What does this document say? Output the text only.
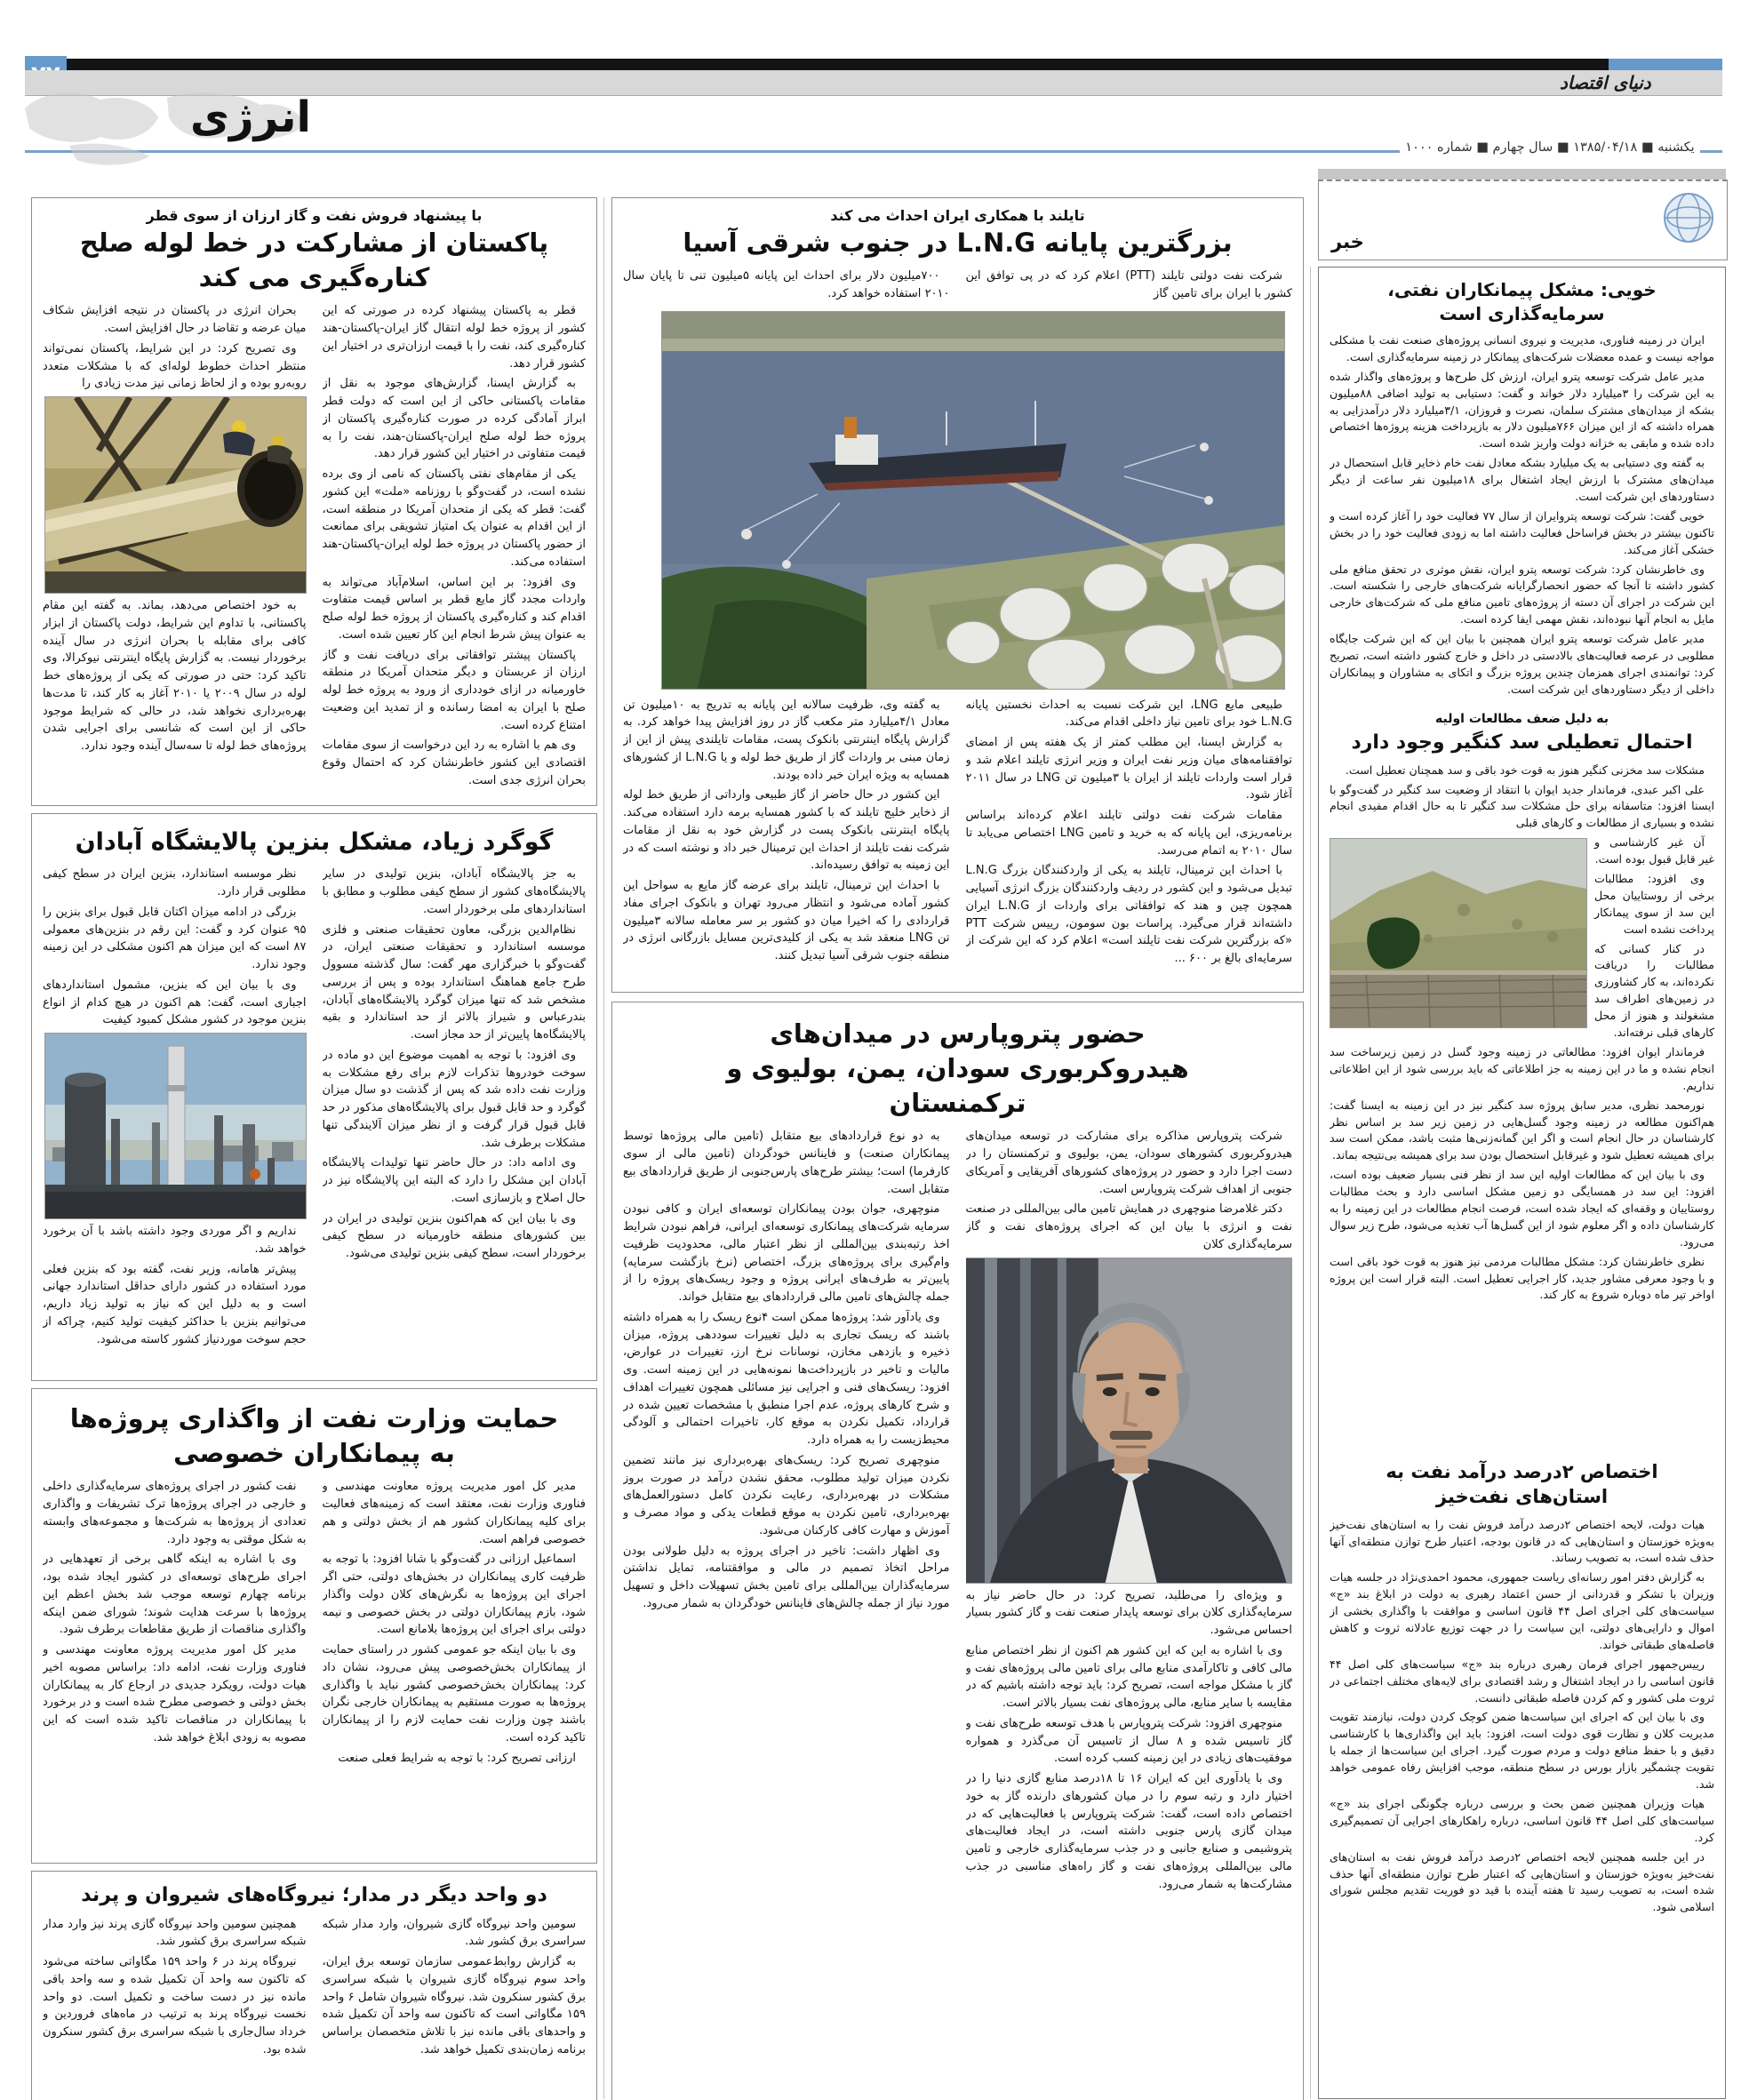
دنیای اقتصاد
انرژی
یکشنبه ■ ۱۳۸۵/۰۴/۱۸ ■ سال چهارم ■ شماره ۱۰۰۰
با پیشنهاد فروش نفت و گاز ارزان از سوی قطر
پاکستان از مشارکت در خط لوله صلح کناره‌گیری می کند

قطر به پاکستان پیشنهاد کرده در صورتی که این کشور از پروژه خط لوله انتقال گاز ایران-پاکستان-هند کناره‌گیری کند، نفت را با قیمت ارزان‌تری در اختیار این کشور قرار دهد.

به گزارش ایسنا، گزارش‌های موجود به نقل از مقامات پاکستانی حاکی از این است که دولت قطر ابراز آمادگی کرده در صورت کناره‌گیری پاکستان از پروژه خط لوله صلح ایران-پاکستان-هند، نفت را به قیمت متفاوتی در اختیار این کشور قرار دهد.

یکی از مقام‌های نفتی پاکستان که نامی از وی برده نشده است، در گفت‌وگو با روزنامه «ملت» این کشور گفت: قطر که یکی از متحدان آمریکا در منطقه است، از این اقدام به عنوان یک امتیاز تشویقی برای ممانعت از حضور پاکستان در پروژه خط لوله ایران-پاکستان-هند استفاده می‌کند.

وی افزود: بر این اساس، اسلام‌آباد می‌تواند به واردات مجدد گاز مایع قطر بر اساس قیمت متفاوت اقدام کند و کناره‌گیری پاکستان از پروژه خط لوله صلح به عنوان پیش شرط انجام این کار تعیین شده است.

پاکستان پیشتر توافقاتی برای دریافت نفت و گاز ارزان از عربستان و دیگر متحدان آمریکا در منطقه خاورمیانه در ازای خودداری از ورود به پروژه خط لوله صلح با ایران به امضا رسانده و از تمدید این وضعیت امتناع کرده است.

وی هم با اشاره به رد این درخواست از سوی مقامات اقتصادی این کشور خاطرنشان کرد که احتمال وقوع بحران انرژی جدی است.

بحران انرژی در پاکستان در نتیجه افزایش شکاف میان عرضه و تقاضا در حال افزایش است.

وی تصریح کرد: در این شرایط، پاکستان نمی‌تواند منتظر احداث خطوط لوله‌ای که با مشکلات متعدد روبه‌رو بوده و از لحاظ زمانی نیز مدت زیادی را

به خود اختصاص می‌دهد، بماند. به گفته این مقام پاکستانی، با تداوم این شرایط، دولت پاکستان از ابزار کافی برای مقابله با بحران انرژی در سال آینده برخوردار نیست. به گزارش پایگاه اینترنتی نیوکرالا، وی تاکید کرد: حتی در صورتی که یکی از پروژه‌های خط لوله در سال ۲۰۰۹ یا ۲۰۱۰ آغاز به کار کند، تا مدت‌ها بهره‌برداری نخواهد شد، در حالی که شرایط موجود حاکی از این است که شانسی برای اجرایی شدن پروژه‌های خط لوله تا سه‌سال آینده وجود ندارد.

گوگرد زیاد، مشکل بنزین پالایشگاه آبادان

به جز پالایشگاه آبادان، بنزین تولیدی در سایر پالایشگاه‌های کشور از سطح کیفی مطلوب و مطابق با استانداردهای ملی برخوردار است.

نظام‌الدین بزرگی، معاون تحقیقات صنعتی و فلزی موسسه استاندارد و تحقیقات صنعتی ایران، در گفت‌وگو با خبرگزاری مهر گفت: سال گذشته مسوول طرح جامع هماهنگ استاندارد بوده و پس از بررسی مشخص شد که تنها میزان گوگرد پالایشگاه‌های آبادان، بندرعباس و شیراز بالاتر از حد استاندارد و بقیه پالایشگاه‌ها پایین‌تر از حد مجاز است.

وی افزود: با توجه به اهمیت موضوع این دو ماده در سوخت خودروها تذکرات لازم برای رفع مشکلات به وزارت نفت داده شد که پس از گذشت دو سال میزان گوگرد و حد قابل قبول برای پالایشگاه‌های مذکور در حد قابل قبول قرار گرفت و از نظر میزان آلایندگی تنها مشکلات برطرف شد.

وی ادامه داد: در حال حاضر تنها تولیدات پالایشگاه آبادان این مشکل را دارد که البته این پالایشگاه نیز در حال اصلاح و بازسازی است.

وی با بیان این که هم‌اکنون بنزین تولیدی در ایران در بین کشورهای منطقه خاورمیانه در سطح کیفی برخوردار است، سطح کیفی بنزین تولیدی می‌شود.

نظر موسسه استاندارد، بنزین ایران در سطح کیفی مطلوبی قرار دارد.

بزرگی در ادامه میزان اکتان قابل قبول برای بنزین را ۹۵ عنوان کرد و گفت: این رقم در بنزین‌های معمولی ۸۷ است که این میزان هم اکنون مشکلی در این زمینه وجود ندارد.

وی با بیان این که بنزین، مشمول استانداردهای اجباری است، گفت: هم اکنون در هیچ کدام از انواع بنزین موجود در کشور مشکل کمبود کیفیت

نداریم و اگر موردی وجود داشته باشد با آن برخورد خواهد شد.

پیش‌تر هامانه، وزیر نفت، گفته بود که بنزین فعلی مورد استفاده در کشور دارای حداقل استاندارد جهانی است و به دلیل این که نیاز به تولید زیاد داریم، می‌توانیم بنزین با حداکثر کیفیت تولید کنیم، چراکه از حجم سوخت موردنیاز کشور کاسته می‌شود.

حمایت وزارت نفت از واگذاری پروژه‌ها به پیمانکاران خصوصی

مدیر کل امور مدیریت پروژه معاونت مهندسی و فناوری وزارت نفت، معتقد است که زمینه‌های فعالیت برای کلیه پیمانکاران کشور هم از بخش دولتی و هم خصوصی فراهم است.

اسماعیل ارزانی در گفت‌وگو با شانا افزود: با توجه به ظرفیت کاری پیمانکاران در بخش‌های دولتی، حتی اگر اجرای این پروژه‌ها به نگرش‌های کلان دولت واگذار شود، بازم پیمانکاران دولتی در بخش خصوصی و نیمه دولتی برای اجرای این پروژه‌ها بلامانع است.

وی با بیان اینکه جو عمومی کشور در راستای حمایت از پیمانکاران بخش‌خصوصی پیش می‌رود، نشان داد کرد: پیمانکاران بخش‌خصوصی کشور نباید با واگذاری پروژه‌ها به صورت مستقیم به پیمانکاران خارجی نگران باشند چون وزارت نفت حمایت لازم را از پیمانکاران تاکید کرده است.

ارزانی تصریح کرد: با توجه به شرایط فعلی صنعت

نفت کشور در اجرای پروژه‌های سرمایه‌گذاری داخلی و خارجی در اجرای پروژه‌ها ترک تشریفات و واگذاری تعدادی از پروژه‌ها به شرکت‌ها و مجموعه‌های وابسته به شکل موقتی به وجود دارد.

وی با اشاره به اینکه گاهی برخی از تعهدهایی در اجرای طرح‌های توسعه‌ای در کشور ایجاد شده بود، برنامه چهارم توسعه موجب شد بخش اعظم این پروژه‌ها با سرعت هدایت شوند؛ شورای ضمن اینکه واگذاری مناقصات از طریق مقاطعات برطرف شود.

مدیر کل امور مدیریت پروژه معاونت مهندسی و فناوری وزارت نفت، ادامه داد: براساس مصوبه اخیر هیات دولت، رویکرد جدیدی در ارجاع کار به پیمانکاران بخش دولتی و خصوصی مطرح شده است و در برخورد با پیمانکاران در مناقصات تاکید شده است که این مصوبه به زودی ابلاغ خواهد شد.

دو واحد دیگر در مدار؛ نیروگاه‌های شیروان و پرند

سومین واحد نیروگاه گازی شیروان، وارد مدار شبکه سراسری برق کشور شد.

به گزارش روابط‌عمومی سازمان توسعه برق ایران، واحد سوم نیروگاه گازی شیروان با شبکه سراسری برق کشور سنکرون شد. نیروگاه شیروان شامل ۶ واحد ۱۵۹ مگاواتی است که تاکنون سه واحد آن تکمیل شده و واحدهای باقی مانده نیز با تلاش متخصصان براساس برنامه زمان‌بندی تکمیل خواهد شد.

همچنین سومین واحد نیروگاه گازی پرند نیز وارد مدار شبکه سراسری برق کشور شد.

نیروگاه پرند در ۶ واحد ۱۵۹ مگاواتی ساخته می‌شود که تاکنون سه واحد آن تکمیل شده و سه واحد باقی مانده نیز در دست ساخت و تکمیل است. دو واحد نخست نیروگاه پرند به ترتیب در ماه‌های فروردین و خرداد سال‌جاری با شبکه سراسری برق کشور سنکرون شده بود.

تایلند با همکاری ایران احداث می کند
بزرگترین پایانه L.N.G در جنوب شرقی آسیا

شرکت نفت دولتی تایلند (PTT) اعلام کرد که در پی توافق این کشور با ایران برای تامین گاز

۷۰۰میلیون دلار برای احداث این پایانه ۵میلیون تنی تا پایان سال ۲۰۱۰ استفاده خواهد کرد.

طبیعی مایع LNG، این شرکت نسبت به احداث نخستین پایانه L.N.G خود برای تامین نیاز داخلی اقدام می‌کند.

به گزارش ایسنا، این مطلب کمتر از یک هفته پس از امضای توافقنامه‌های میان وزیر نفت ایران و وزیر انرژی تایلند اعلام شد و قرار است واردات تایلند از ایران با ۳میلیون تن LNG در سال ۲۰۱۱ آغاز شود.

مقامات شرکت نفت دولتی تایلند اعلام کرده‌اند براساس برنامه‌ریزی، این پایانه که به خرید و تامین LNG اختصاص می‌یابد تا سال ۲۰۱۰ به اتمام می‌رسد.

با احداث این ترمینال، تایلند به یکی از واردکنندگان بزرگ L.N.G تبدیل می‌شود و این کشور در ردیف واردکنندگان بزرگ انرژی آسیایی همچون چین و هند که توافقاتی برای واردات از L.N.G ایران داشته‌اند قرار می‌گیرد. پراسات بون سومون، رییس شرکت PTT «که بزرگترین شرکت نفت تایلند است» اعلام کرد که این شرکت از سرمایه‌ای بالغ بر ۶۰۰ ...

به گفته وی، ظرفیت سالانه این پایانه به تدریج به ۱۰میلیون تن معادل ۴/۱میلیارد متر مکعب گاز در روز افزایش پیدا خواهد کرد. به گزارش پایگاه اینترنتی بانکوک پست، مقامات تایلندی پیش از این از زمان مبنی بر واردات گاز از طریق خط لوله و یا L.N.G از کشورهای همسایه به ویژه ایران خبر داده بودند.

این کشور در حال حاضر از گاز طبیعی وارداتی از طریق خط لوله از ذخایر خلیج تایلند که با کشور همسایه برمه دارد استفاده می‌کند. پایگاه اینترنتی بانکوک پست در گزارش خود به نقل از مقامات شرکت نفت تایلند از احداث این ترمینال خبر داد و نوشته است که در این زمینه به توافق رسیده‌اند.

با احداث این ترمینال، تایلند برای عرضه گاز مایع به سواحل این کشور آماده می‌شود و انتظار می‌رود تهران و بانکوک اجرای مفاد قراردادی را که اخیرا میان دو کشور بر سر معامله سالانه ۳میلیون تن LNG منعقد شد به یکی از کلیدی‌ترین مسایل بازرگانی انرژی در منطقه جنوب شرقی آسیا تبدیل کنند.

حضور پتروپارس در میدان‌های هیدروکربوری سودان، یمن، بولیوی و ترکمنستان

شرکت پتروپارس مذاکره برای مشارکت در توسعه میدان‌های هیدروکربوری کشورهای سودان، یمن، بولیوی و ترکمنستان را در دست اجرا دارد و حضور در پروژه‌های کشورهای آفریقایی و آمریکای جنوبی از اهداف شرکت پتروپارس است.

دکتر غلامرضا منوچهری در همایش تامین مالی بین‌المللی در صنعت نفت و انرژی با بیان این که اجرای پروژه‌های نفت و گاز سرمایه‌گذاری کلان

و ویژه‌ای را می‌طلبد، تصریح کرد: در حال حاضر نیاز به سرمایه‌گذاری کلان برای توسعه پایدار صنعت نفت و گاز کشور بسیار احساس می‌شود.

وی با اشاره به این که این کشور هم اکنون از نظر اختصاص منابع مالی کافی و تاکارآمدی منابع مالی برای تامین مالی پروژه‌های نفت و گاز با مشکل مواجه است، تصریح کرد: باید توجه داشته باشیم که در مقایسه با سایر منابع، مالی پروژه‌های نفت بسیار بالاتر است.

منوچهری افزود: شرکت پتروپارس با هدف توسعه طرح‌های نفت و گاز تاسیس شده و ۸ سال از تاسیس آن می‌گذرد و همواره موفقیت‌های زیادی در این زمینه کسب کرده است.

وی با یادآوری این که ایران ۱۶ تا ۱۸درصد منابع گازی دنیا را در اختیار دارد و رتبه سوم را در میان کشورهای دارنده گاز به خود اختصاص داده است، گفت: شرکت پتروپارس با فعالیت‌هایی که در میدان گازی پارس جنوبی داشته است، در ایجاد فعالیت‌های پتروشیمی و صنایع جانبی و در جذب سرمایه‌گذاری خارجی و تامین مالی بین‌المللی پروژه‌های نفت و گاز راه‌های مناسبی در جذب مشارکت‌ها به شمار می‌رود.

به دو نوع قراردادهای بیع متقابل (تامین مالی پروژه‌ها توسط پیمانکاران صنعت) و فاینانس خودگردان (تامین مالی از سوی کارفرما) است؛ بیشتر طرح‌های پارس‌جنوبی از طریق قراردادهای بیع متقابل است.

منوچهری، جوان بودن پیمانکاران توسعه‌ای ایران و کافی نبودن سرمایه شرکت‌های پیمانکاری توسعه‌ای ایرانی، فراهم نبودن شرایط اخذ رتبه‌بندی بین‌المللی از نظر اعتبار مالی، محدودیت ظرفیت وام‌گیری برای پروژه‌های بزرگ، اختصاص (نرخ بازگشت سرمایه) پایین‌تر به طرف‌های ایرانی پروژه و وجود ریسک‌های پروژه را از جمله چالش‌های تامین مالی قراردادهای بیع متقابل خواند.

وی یادآور شد: پروژه‌ها ممکن است ۴نوع ریسک را به همراه داشته باشند که ریسک تجاری به دلیل تغییرات سوددهی پروژه، میزان ذخیره و بازدهی مخازن، نوسانات نرخ ارز، تغییرات در عوارض، مالیات و تاخیر در بازپرداخت‌ها نمونه‌هایی در این زمینه است. وی افزود: ریسک‌های فنی و اجرایی نیز مسائلی همچون تغییرات اهداف و شرح کارهای پروژه، عدم اجرا منطبق با مشخصات تعیین شده در قرارداد، تکمیل نکردن به موقع کار، تاخیرات احتمالی و آلودگی محیط‌زیست را به همراه دارد.

منوچهری تصریح کرد: ریسک‌های بهره‌برداری نیز مانند تضمین نکردن میزان تولید مطلوب، محقق نشدن درآمد در صورت بروز مشکلات در بهره‌برداری، رعایت نکردن کامل دستورالعمل‌های بهره‌برداری، تامین نکردن به موقع قطعات یدکی و مواد مصرف و آموزش و مهارت کافی کارکنان می‌شود.

وی اظهار داشت: تاخیر در اجرای پروژه به دلیل طولانی بودن مراحل اتخاذ تصمیم در مالی و موافقتنامه، تمایل نداشتن سرمایه‌گذاران بین‌المللی برای تامین بخش تسهیلات داخل و تسهیل مورد نیاز از جمله چالش‌های فاینانس خودگردان به شمار می‌رود.

خبر
خویی: مشکل پیمانکاران نفتی، سرمایه‌گذاری است

ایران در زمینه فناوری، مدیریت و نیروی انسانی پروژه‌های صنعت نفت با مشکلی مواجه نیست و عمده معضلات شرکت‌های پیمانکار در زمینه سرمایه‌گذاری است.

مدیر عامل شرکت توسعه پترو ایران، ارزش کل طرح‌ها و پروژه‌های واگذار شده به این شرکت را ۳میلیارد دلار خواند و گفت: دستیابی به تولید اضافی ۸۸میلیون بشکه از میدان‌های مشترک سلمان، نصرت و فروزان، ۳/۱میلیارد دلار درآمدزایی به همراه داشته که از این میزان ۷۶۶میلیون دلار به بازپرداخت هزینه پروژه‌ها اختصاص داده شده و مابقی به خزانه دولت واریز شده است.

به گفته وی دستیابی به یک میلیارد بشکه معادل نفت خام ذخایر قابل استحصال در میدان‌های مشترک با ارزش ایجاد اشتغال برای ۱۸میلیون نفر ساعت از دیگر دستاوردهای این شرکت است.

خویی گفت: شرکت توسعه پتروایران از سال ۷۷ فعالیت خود را آغاز کرده است و تاکنون بیشتر در بخش فراساحل فعالیت داشته اما به زودی فعالیت خود را در بخش خشکی آغاز می‌کند.

وی خاطرنشان کرد: شرکت توسعه پترو ایران، نقش موثری در تحقق منافع ملی کشور داشته تا آنجا که حضور انحصارگرایانه شرکت‌های خارجی را شکسته است. این شرکت در اجرای آن دسته از پروژه‌های تامین منافع ملی که شرکت‌های خارجی مایل به انجام آنها نبوده‌اند، نقش مهمی ایفا کرده است.

مدیر عامل شرکت توسعه پترو ایران همچنین با بیان این که این شرکت جایگاه مطلوبی در عرصه فعالیت‌های بالادستی در داخل و خارج کشور داشته است، تصریح کرد: توانمندی اجرای همزمان چندین پروژه بزرگ و اتکای به مشاوران و پیمانکاران داخلی از دیگر دستاوردهای این شرکت است.

به دلیل ضعف مطالعات اولیه
احتمال تعطیلی سد کنگیر وجود دارد

مشکلات سد مخزنی کنگیر هنوز به قوت خود باقی و سد همچنان تعطیل است.

علی اکبر عبدی، فرماندار جدید ایوان با انتقاد از وضعیت سد کنگیر در گفت‌وگو با ایسنا افزود: متاسفانه برای حل مشکلات سد کنگیر تا به حال اقدام مفیدی انجام نشده و بسیاری از مطالعات و کارهای قبلی

آن غیر کارشناسی و غیر قابل قبول بوده است.

وی افزود: مطالبات برخی از روستاییان محل این سد از سوی پیمانکار پرداخت نشده است

در کنار کسانی که مطالبات را دریافت نکرده‌اند، به کار کشاورزی در زمین‌های اطراف سد مشغولند و هنوز از محل کارهای قبلی نرفته‌اند.

فرماندار ایوان افزود: مطالعاتی در زمینه وجود گسل در زمین زیرساخت سد انجام نشده و ما در این زمینه به جز اطلاعاتی که باید بررسی شود از این اطلاعاتی نداریم.

نورمحمد نظری، مدیر سابق پروژه سد کنگیر نیز در این زمینه به ایسنا گفت: هم‌اکنون مطالعه در زمینه وجود گسل‌هایی در زمین زیر سد بر اساس نظر کارشناسان در حال انجام است و اگر این گمانه‌زنی‌ها مثبت باشد، ممکن است سد برای همیشه تعطیل شود و غیرقابل استحصال بودن سد برای همیشه بی‌نتیجه بماند.

وی با بیان این که مطالعات اولیه این سد از نظر فنی بسیار ضعیف بوده است، افزود: این سد در همسایگی دو زمین مشکل اساسی دارد و بحث مطالبات روستاییان و وقفه‌ای که ایجاد شده است، فرصت انجام مطالعات در این زمینه را به کارشناسان داده و اگر معلوم شود از این گسل‌ها آب تغذیه می‌شود، طرح زیر سوال می‌رود.

نظری خاطرنشان کرد: مشکل مطالبات مردمی نیز هنوز به قوت خود باقی است و با وجود معرفی مشاور جدید، کار اجرایی تعطیل است. البته قرار است این پروژه اواخر تیر ماه دوباره شروع به کار کند.

اختصاص ۲درصد درآمد نفت به استان‌های نفت‌خیز

هیات دولت، لایحه اختصاص ۲درصد درآمد فروش نفت را به استان‌های نفت‌خیز به‌ویژه خوزستان و استان‌هایی که در قانون بودجه، اعتبار طرح توازن منطقه‌ای آنها حذف شده است، به تصویب رساند.

به گزارش دفتر امور رسانه‌ای ریاست جمهوری، محمود احمدی‌نژاد در جلسه هیات وزیران با تشکر و قدردانی از حسن اعتماد رهبری به دولت در ابلاغ بند «ج» سیاست‌های کلی اجرای اصل ۴۴ قانون اساسی و موافقت با واگذاری بخشی از اموال و دارایی‌های دولتی، این سیاست را در جهت توزیع عادلانه ثروت و کاهش فاصله‌های طبقاتی خواند.

رییس‌جمهور اجرای فرمان رهبری درباره بند «ج» سیاست‌های کلی اصل ۴۴ قانون اساسی را در ایجاد اشتغال و رشد اقتصادی برای لایه‌های مختلف اجتماعی در ثروت ملی کشور و کم کردن فاصله طبقاتی دانست.

وی با بیان این که اجرای این سیاست‌ها ضمن کوچک کردن دولت، نیازمند تقویت مدیریت کلان و نظارت قوی دولت است، افزود: باید این واگذاری‌ها با کارشناسی دقیق و با حفظ منافع دولت و مردم صورت گیرد. اجرای این سیاست‌ها از جمله با تقویت چشمگیر بازار بورس در سطح منطقه، موجب افزایش رفاه عمومی خواهد شد.

هیات وزیران همچنین ضمن بحث و بررسی درباره چگونگی اجرای بند «ج» سیاست‌های کلی اصل ۴۴ قانون اساسی، درباره راهکارهای اجرایی آن تصمیم‌گیری کرد.

در این جلسه همچنین لایحه اختصاص ۲درصد درآمد فروش نفت به استان‌های نفت‌خیز به‌ویژه خوزستان و استان‌هایی که اعتبار طرح توازن منطقه‌ای آنها حذف شده است، به تصویب رسید تا هفته آینده با قید دو فوریت تقدیم مجلس شورای اسلامی شود.
